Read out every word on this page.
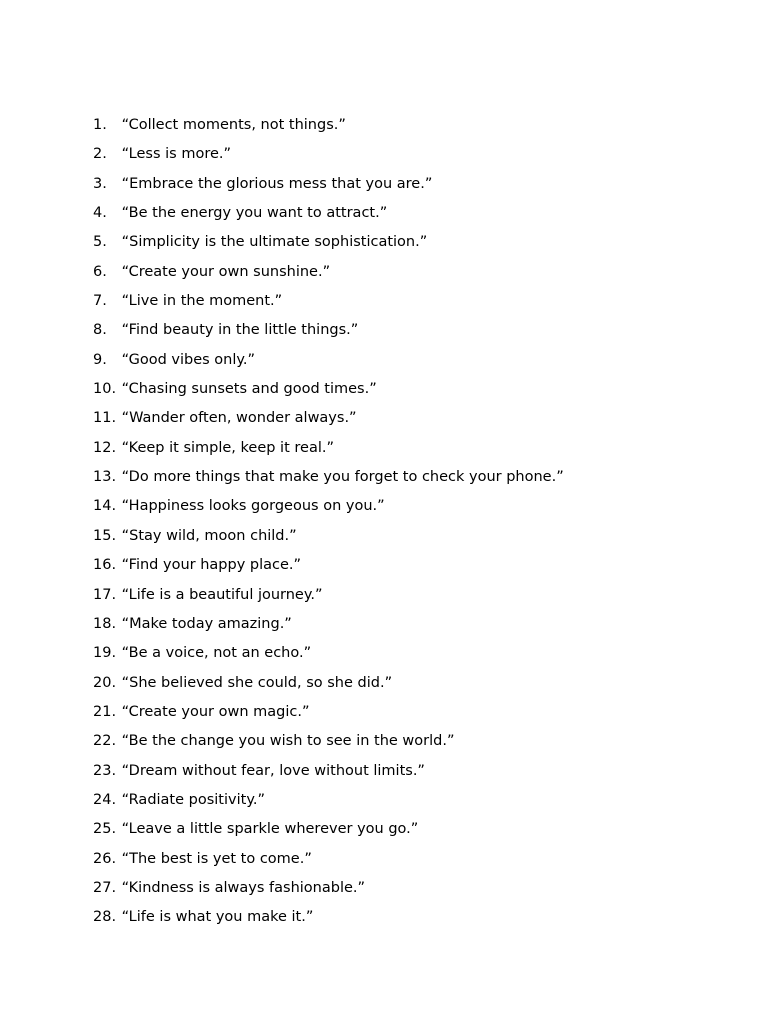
1. “Collect moments, not things.”
2. “Less is more.”
3. “Embrace the glorious mess that you are.”
4. “Be the energy you want to attract.”
5. “Simplicity is the ultimate sophistication.”
6. “Create your own sunshine.”
7. “Live in the moment.”
8. “Find beauty in the little things.”
9. “Good vibes only.”
10. “Chasing sunsets and good times.”
11. “Wander often, wonder always.”
12. “Keep it simple, keep it real.”
13. “Do more things that make you forget to check your phone.”
14. “Happiness looks gorgeous on you.”
15. “Stay wild, moon child.”
16. “Find your happy place.”
17. “Life is a beautiful journey.”
18. “Make today amazing.”
19. “Be a voice, not an echo.”
20. “She believed she could, so she did.”
21. “Create your own magic.”
22. “Be the change you wish to see in the world.”
23. “Dream without fear, love without limits.”
24. “Radiate positivity.”
25. “Leave a little sparkle wherever you go.”
26. “The best is yet to come.”
27. “Kindness is always fashionable.”
28. “Life is what you make it.”
